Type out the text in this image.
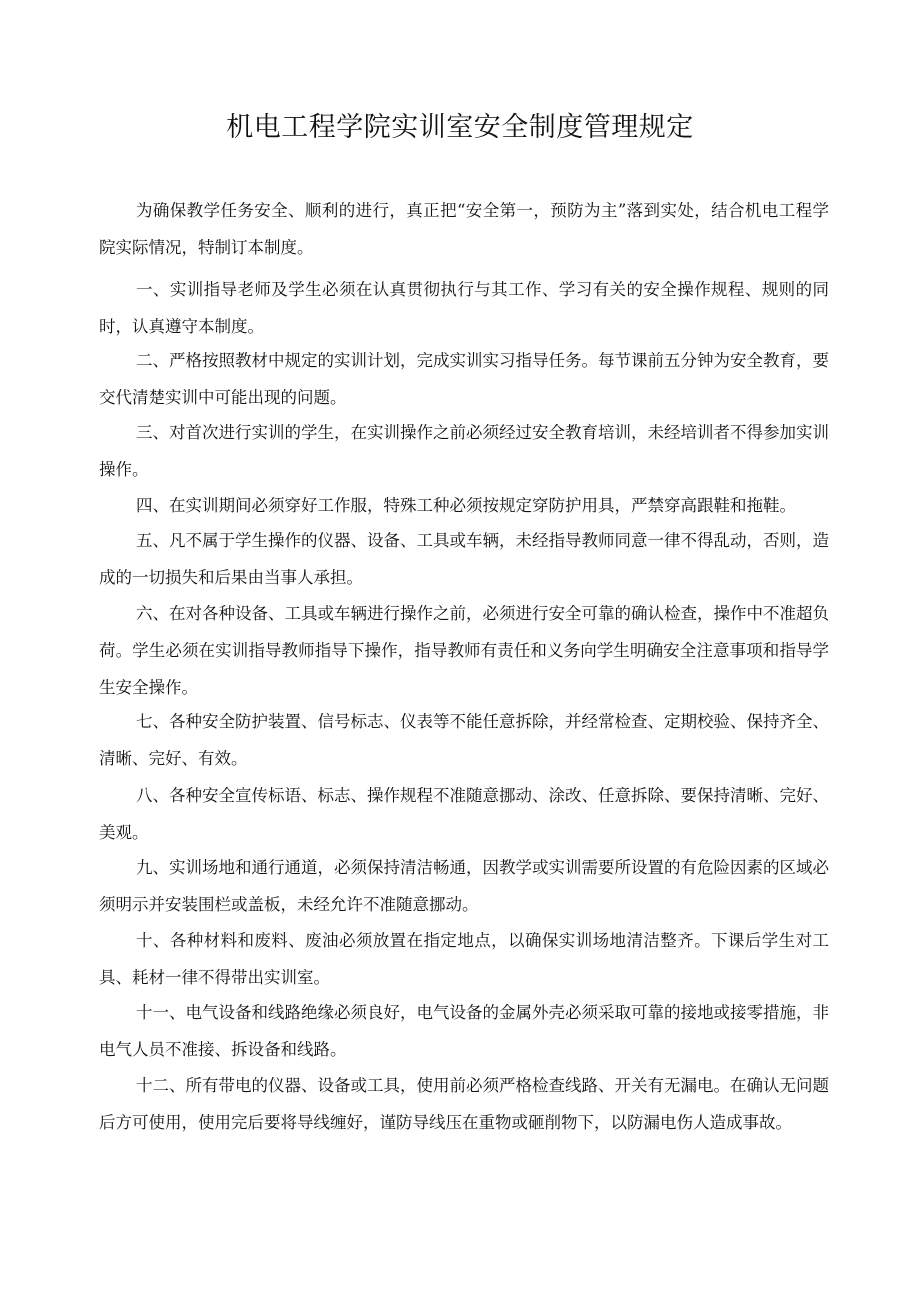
机电工程学院实训室安全制度管理规定

为确保教学任务安全、顺利的进行，真正把“安全第一，预防为主”落到实处，结合机电工程学院实际情况，特制订本制度。

一、实训指导老师及学生必须在认真贯彻执行与其工作、学习有关的安全操作规程、规则的同时，认真遵守本制度。

二、严格按照教材中规定的实训计划，完成实训实习指导任务。每节课前五分钟为安全教育，要交代清楚实训中可能出现的问题。

三、对首次进行实训的学生，在实训操作之前必须经过安全教育培训，未经培训者不得参加实训操作。

四、在实训期间必须穿好工作服，特殊工种必须按规定穿防护用具，严禁穿高跟鞋和拖鞋。

五、凡不属于学生操作的仪器、设备、工具或车辆，未经指导教师同意一律不得乱动，否则，造成的一切损失和后果由当事人承担。

六、在对各种设备、工具或车辆进行操作之前，必须进行安全可靠的确认检查，操作中不准超负荷。学生必须在实训指导教师指导下操作，指导教师有责任和义务向学生明确安全注意事项和指导学生安全操作。

七、各种安全防护装置、信号标志、仪表等不能任意拆除，并经常检查、定期校验、保持齐全、清晰、完好、有效。

八、各种安全宣传标语、标志、操作规程不准随意挪动、涂改、任意拆除、要保持清晰、完好、美观。

九、实训场地和通行通道，必须保持清洁畅通，因教学或实训需要所设置的有危险因素的区域必须明示并安装围栏或盖板，未经允许不准随意挪动。

十、各种材料和废料、废油必须放置在指定地点，以确保实训场地清洁整齐。下课后学生对工具、耗材一律不得带出实训室。

十一、电气设备和线路绝缘必须良好，电气设备的金属外壳必须采取可靠的接地或接零措施，非电气人员不准接、拆设备和线路。

十二、所有带电的仪器、设备或工具，使用前必须严格检查线路、开关有无漏电。在确认无问题后方可使用，使用完后要将导线缠好，谨防导线压在重物或砸削物下，以防漏电伤人造成事故。
